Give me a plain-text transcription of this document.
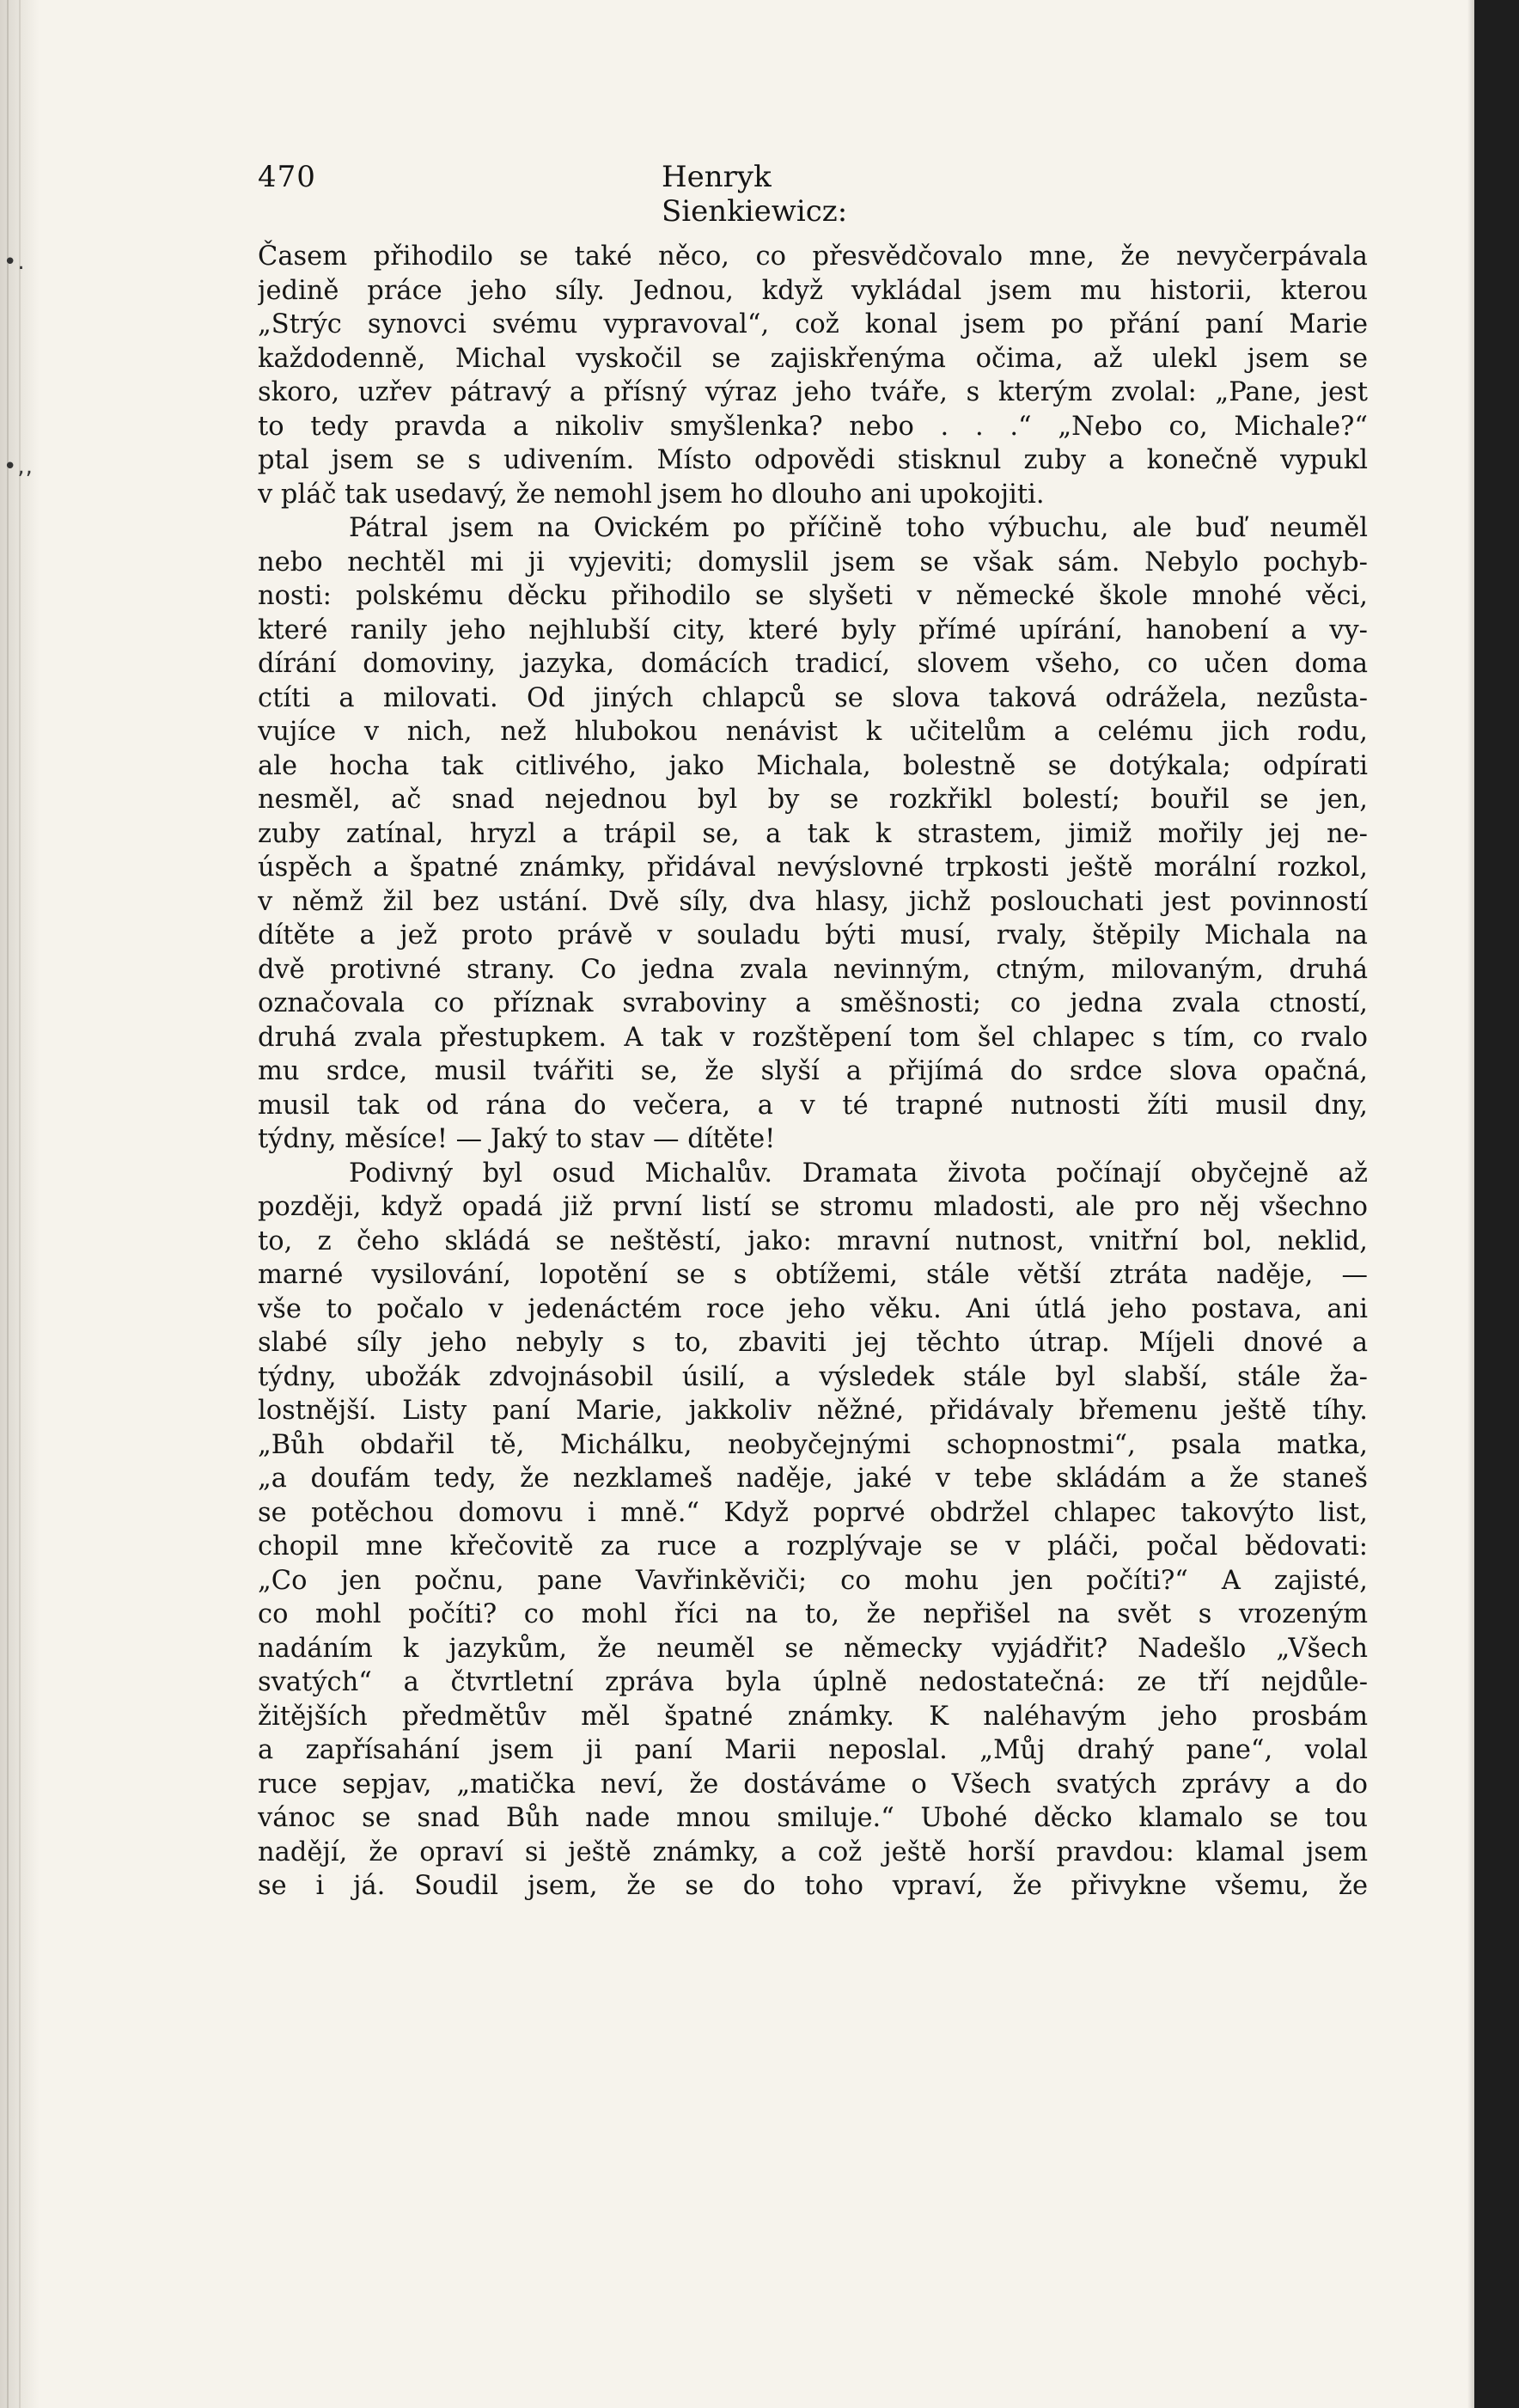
•.
•,,
470	Henryk Sienkiewicz:
Časem přihodilo se také něco, co přesvědčovalo mne, že nevyčerpávala
jedině práce jeho síly. Jednou, když vykládal jsem mu historii, kterou
„Strýc synovci svému vypravoval“, což konal jsem po přání paní Marie
každodenně, Michal vyskočil se zajiskřenýma očima, až ulekl jsem se
skoro, uzřev pátravý a přísný výraz jeho tváře, s kterým zvolal: „Pane, jest
to tedy pravda a nikoliv smyšlenka? nebo . . .“ „Nebo co, Michale?“
ptal jsem se s udivením. Místo odpovědi stisknul zuby a konečně vypukl
v pláč tak usedavý, že nemohl jsem ho dlouho ani upokojiti.
Pátral jsem na Ovickém po příčině toho výbuchu, ale buď neuměl
nebo nechtěl mi ji vyjeviti; domyslil jsem se však sám. Nebylo pochyb-
nosti: polskému děcku přihodilo se slyšeti v německé škole mnohé věci,
které ranily jeho nejhlubší city, které byly přímé upírání, hanobení a vy-
dírání domoviny, jazyka, domácích tradicí, slovem všeho, co učen doma
ctíti a milovati. Od jiných chlapců se slova taková odrážela, nezůsta-
vujíce v nich, než hlubokou nenávist k učitelům a celému jich rodu,
ale hocha tak citlivého, jako Michala, bolestně se dotýkala; odpírati
nesměl, ač snad nejednou byl by se rozkřikl bolestí; bouřil se jen,
zuby zatínal, hryzl a trápil se, a tak k strastem, jimiž mořily jej ne-
úspěch a špatné známky, přidával nevýslovné trpkosti ještě morální rozkol,
v němž žil bez ustání. Dvě síly, dva hlasy, jichž poslouchati jest povinností
dítěte a jež proto právě v souladu býti musí, rvaly, štěpily Michala na
dvě protivné strany. Co jedna zvala nevinným, ctným, milovaným, druhá
označovala co příznak svraboviny a směšnosti; co jedna zvala ctností,
druhá zvala přestupkem. A tak v rozštěpení tom šel chlapec s tím, co rvalo
mu srdce, musil tvářiti se, že slyší a přijímá do srdce slova opačná,
musil tak od rána do večera, a v té trapné nutnosti žíti musil dny,
týdny, měsíce! — Jaký to stav — dítěte!
Podivný byl osud Michalův. Dramata života počínají obyčejně až
později, když opadá již první listí se stromu mladosti, ale pro něj všechno
to, z čeho skládá se neštěstí, jako: mravní nutnost, vnitřní bol, neklid,
marné vysilování, lopotění se s obtížemi, stále větší ztráta naděje, —
vše to počalo v jedenáctém roce jeho věku. Ani útlá jeho postava, ani
slabé síly jeho nebyly s to, zbaviti jej těchto útrap. Míjeli dnové a
týdny, ubožák zdvojnásobil úsilí, a výsledek stále byl slabší, stále ža-
lostnější. Listy paní Marie, jakkoliv něžné, přidávaly břemenu ještě tíhy.
„Bůh obdařil tě, Michálku, neobyčejnými schopnostmi“, psala matka,
„a doufám tedy, že nezklameš naděje, jaké v tebe skládám a že staneš
se potěchou domovu i mně.“ Když poprvé obdržel chlapec takovýto list,
chopil mne křečovitě za ruce a rozplývaje se v pláči, počal bědovati:
„Co jen počnu, pane Vavřinkěviči; co mohu jen počíti?“ A zajisté,
co mohl počíti? co mohl říci na to, že nepřišel na svět s vrozeným
nadáním k jazykům, že neuměl se německy vyjádřit? Nadešlo „Všech
svatých“ a čtvrtletní zpráva byla úplně nedostatečná: ze tří nejdůle-
žitějších předmětův měl špatné známky. K naléhavým jeho prosbám
a zapřísahání jsem ji paní Marii neposlal. „Můj drahý pane“, volal
ruce sepjav, „matička neví, že dostáváme o Všech svatých zprávy a do
vánoc se snad Bůh nade mnou smiluje.“ Ubohé děcko klamalo se tou
nadějí, že opraví si ještě známky, a což ještě horší pravdou: klamal jsem
se i já. Soudil jsem, že se do toho vpraví, že přivykne všemu, že
